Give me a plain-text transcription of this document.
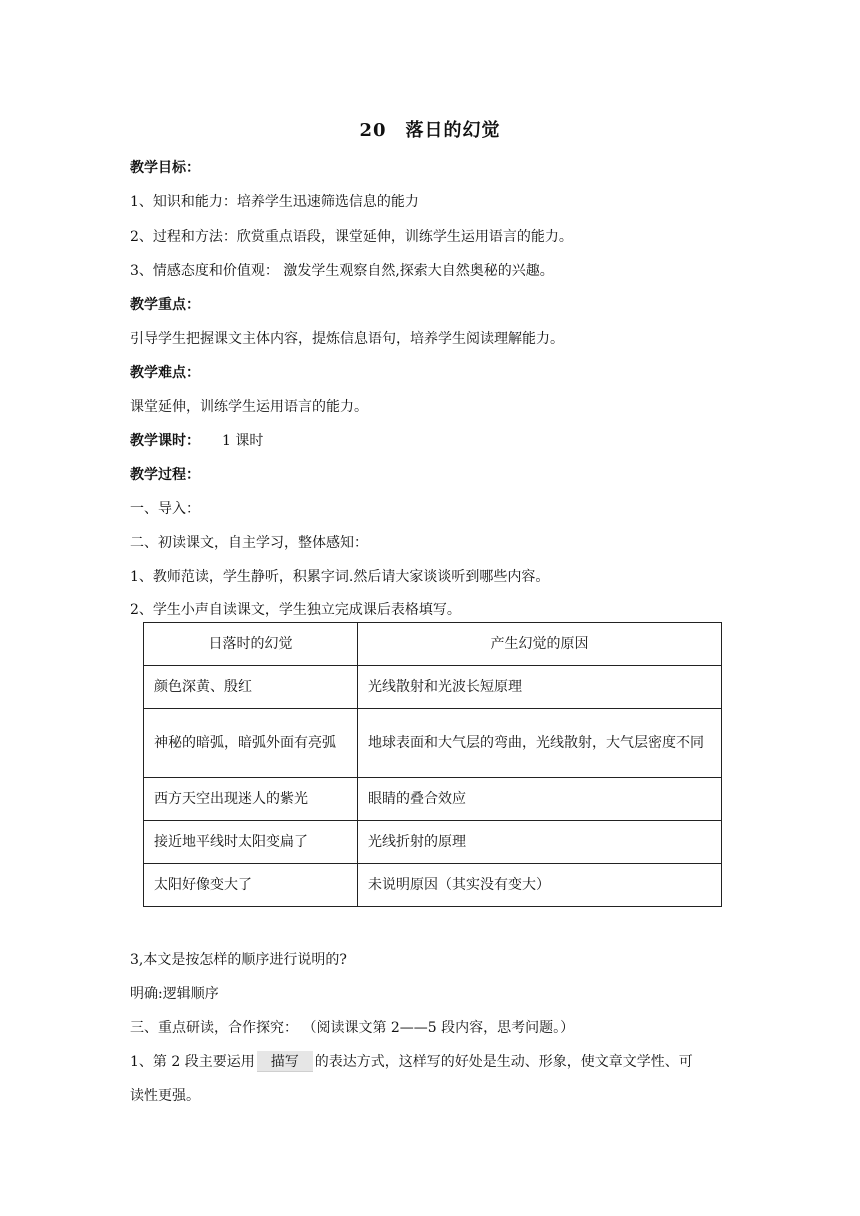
20　落日的幻觉
教学目标：
1、知识和能力：培养学生迅速筛选信息的能力
2、过程和方法：欣赏重点语段，课堂延伸，训练学生运用语言的能力。
3、情感态度和价值观： 激发学生观察自然,探索大自然奥秘的兴趣。
教学重点：
引导学生把握课文主体内容，提炼信息语句，培养学生阅读理解能力。
教学难点：
课堂延伸，训练学生运用语言的能力。
教学课时： 1 课时
教学过程：
一、导入：
二、初读课文，自主学习，整体感知：
1、教师范读，学生静听，积累字词.然后请大家谈谈听到哪些内容。
2、学生小声自读课文，学生独立完成课后表格填写。
日落时的幻觉	产生幻觉的原因
颜色深黄、殷红	光线散射和光波长短原理
神秘的暗弧，暗弧外面有亮弧	地球表面和大气层的弯曲，光线散射，大气层密度不同
西方天空出现迷人的紫光	眼睛的叠合效应
接近地平线时太阳变扁了	光线折射的原理
太阳好像变大了	未说明原因（其实没有变大）
3,本文是按怎样的顺序进行说明的?
明确:逻辑顺序
三、重点研读，合作探究： （阅读课文第 2——5 段内容，思考问题。）
1、第 2 段主要运用 描写 的表达方式，这样写的好处是生动、形象，使文章文学性、可
读性更强。
